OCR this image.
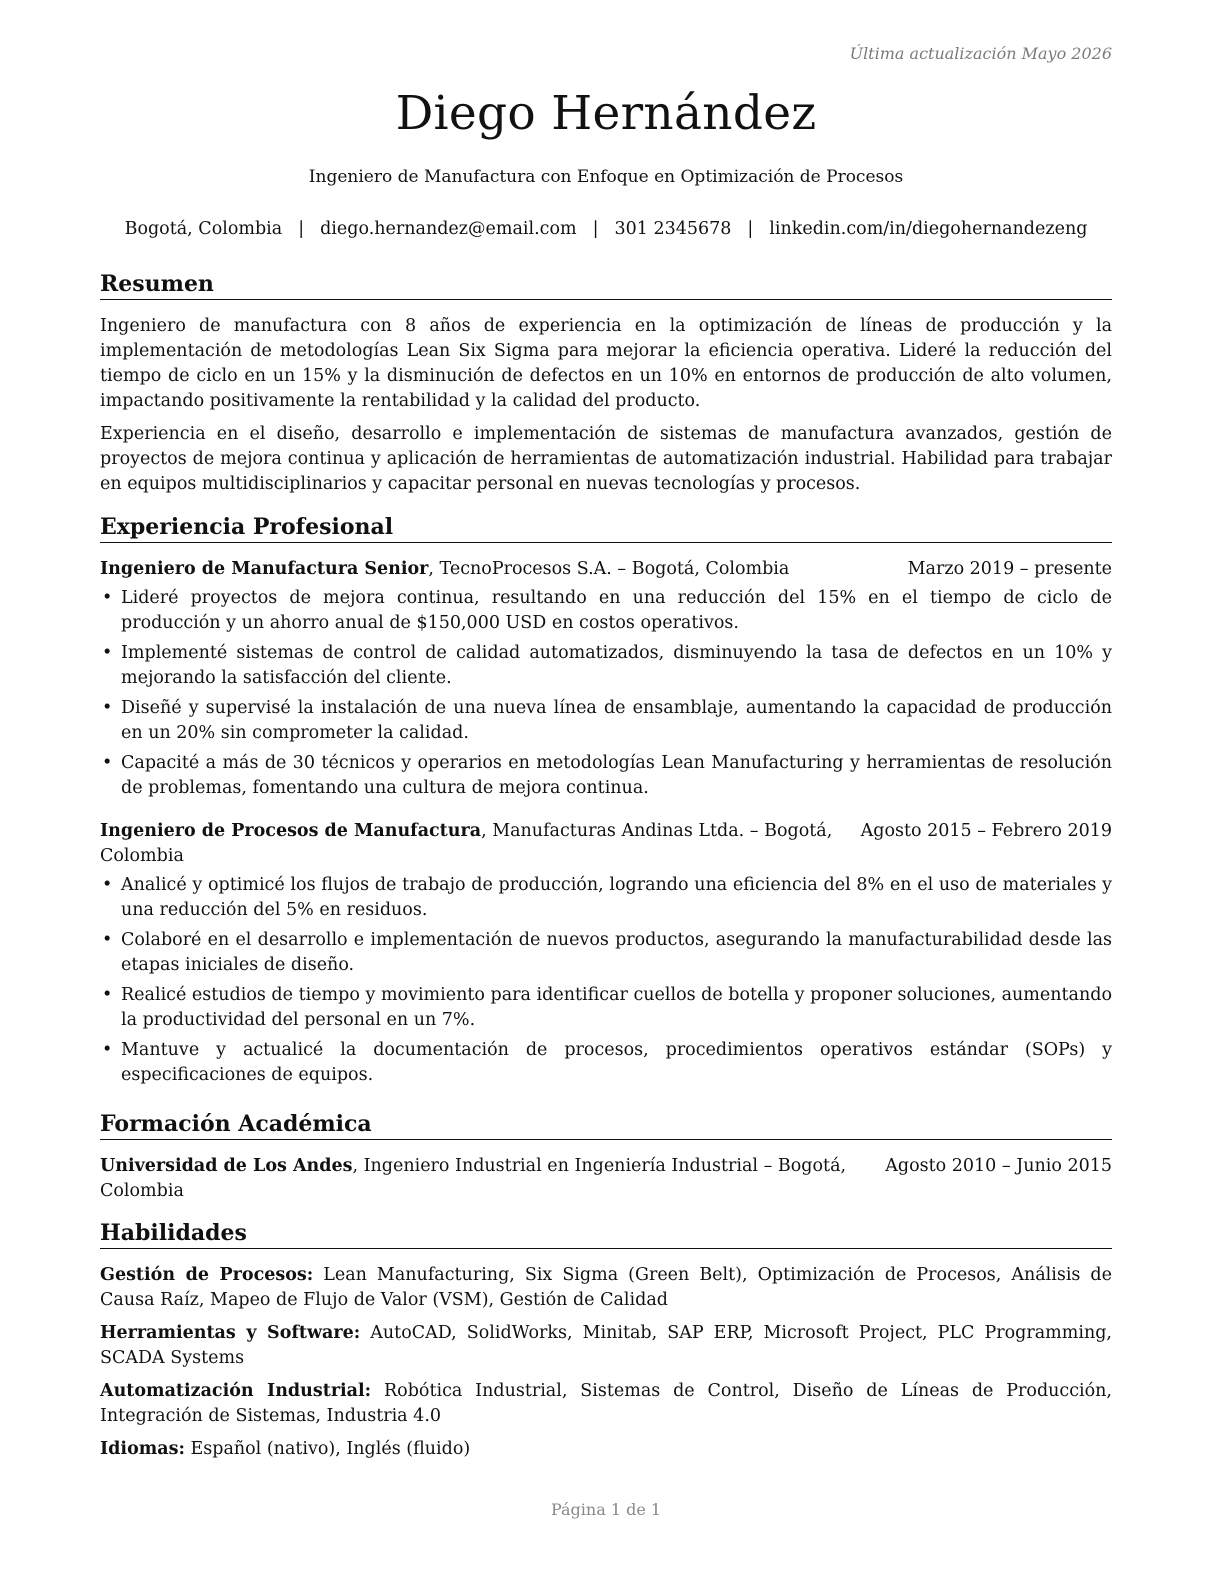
Última actualización Mayo 2026
Diego Hernández
Ingeniero de Manufactura con Enfoque en Optimización de Procesos
Bogotá, Colombia | diego.hernandez@email.com | 301 2345678 | linkedin.com/in/diegohernandezeng
Resumen

Ingeniero de manufactura con 8 años de experiencia en la optimización de líneas de producción y la implementación de metodologías Lean Six Sigma para mejorar la eficiencia operativa. Lideré la reducción del tiempo de ciclo en un 15% y la disminución de defectos en un 10% en entornos de producción de alto volumen, impactando positivamente la rentabilidad y la calidad del producto.

Experiencia en el diseño, desarrollo e implementación de sistemas de manufactura avanzados, gestión de proyectos de mejora continua y aplicación de herramientas de automatización industrial. Habilidad para trabajar en equipos multidisciplinarios y capacitar personal en nuevas tecnologías y procesos.

Experiencia Profesional
Ingeniero de Manufactura Senior, TecnoProcesos S.A. – Bogotá, Colombia	Marzo 2019 – presente
• Lideré proyectos de mejora continua, resultando en una reducción del 15% en el tiempo de ciclo de producción y un ahorro anual de $150,000 USD en costos operativos.
• Implementé sistemas de control de calidad automatizados, disminuyendo la tasa de defectos en un 10% y mejorando la satisfacción del cliente.
• Diseñé y supervisé la instalación de una nueva línea de ensamblaje, aumentando la capacidad de producción en un 20% sin comprometer la calidad.
• Capacité a más de 30 técnicos y operarios en metodologías Lean Manufacturing y herramientas de resolución de problemas, fomentando una cultura de mejora continua.
Ingeniero de Procesos de Manufactura, Manufacturas Andinas Ltda. – Bogotá, Colombia
Agosto 2015 – Febrero 2019
• Analicé y optimicé los flujos de trabajo de producción, logrando una eficiencia del 8% en el uso de materiales y una reducción del 5% en residuos.
• Colaboré en el desarrollo e implementación de nuevos productos, asegurando la manufacturabilidad desde las etapas iniciales de diseño.
• Realicé estudios de tiempo y movimiento para identificar cuellos de botella y proponer soluciones, aumentando la productividad del personal en un 7%.
• Mantuve y actualicé la documentación de procesos, procedimientos operativos estándar (SOPs) y especificaciones de equipos.
Formación Académica
Universidad de Los Andes, Ingeniero Industrial en Ingeniería Industrial – Bogotá, Colombia
Agosto 2010 – Junio 2015
Habilidades

Gestión de Procesos: Lean Manufacturing, Six Sigma (Green Belt), Optimización de Procesos, Análisis de Causa Raíz, Mapeo de Flujo de Valor (VSM), Gestión de Calidad

Herramientas y Software: AutoCAD, SolidWorks, Minitab, SAP ERP, Microsoft Project, PLC Programming, SCADA Systems

Automatización Industrial: Robótica Industrial, Sistemas de Control, Diseño de Líneas de Producción, Integración de Sistemas, Industria 4.0

Idiomas: Español (nativo), Inglés (fluido)

Página 1 de 1
